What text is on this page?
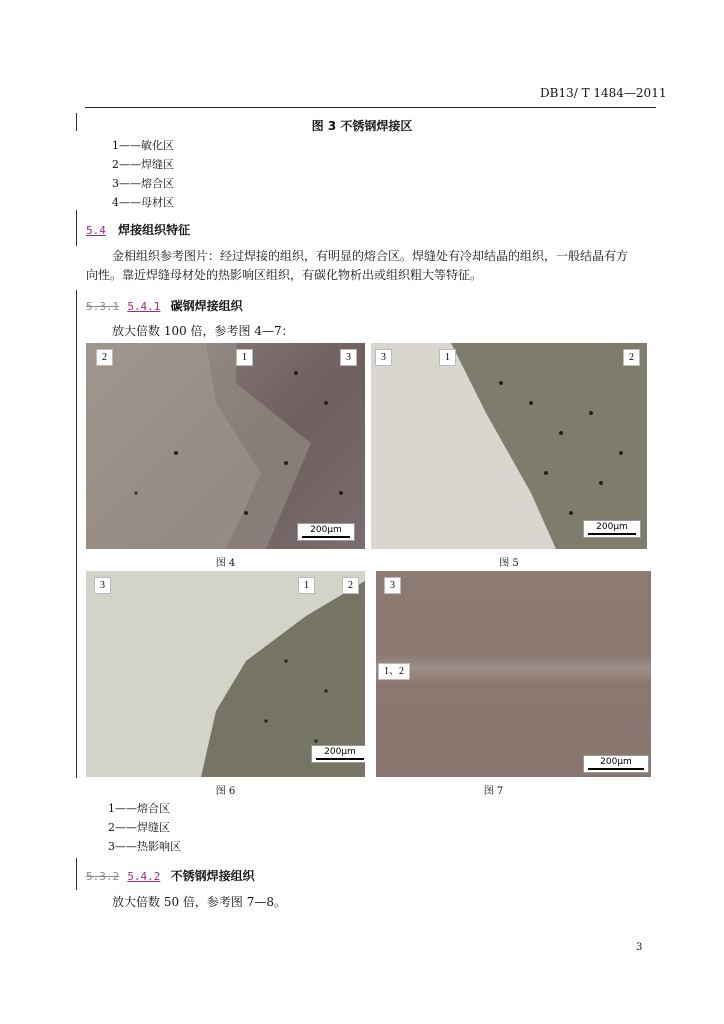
DB13/ T 1484—2011
图 3 不锈钢焊接区
1——敏化区
2——焊缝区
3——熔合区
4——母材区
5.4 焊接组织特征
金相组织参考图片：经过焊接的组织，有明显的熔合区。焊缝处有冷却结晶的组织，一般结晶有方
向性。靠近焊缝母材处的热影响区组织，有碳化物析出或组织粗大等特征。
5.3.1 5.4.1 碳钢焊接组织
放大倍数 100 倍，参考图 4—7：
2	1	3
200µm
图 4
3	1	2
200µm
图 5
3	1	2
200µm
图 6
3
1、2
200µm
图 7
1——熔合区
2——焊缝区
3——热影响区
5.3.2 5.4.2 不锈钢焊接组织
放大倍数 50 倍，参考图 7—8。
3
